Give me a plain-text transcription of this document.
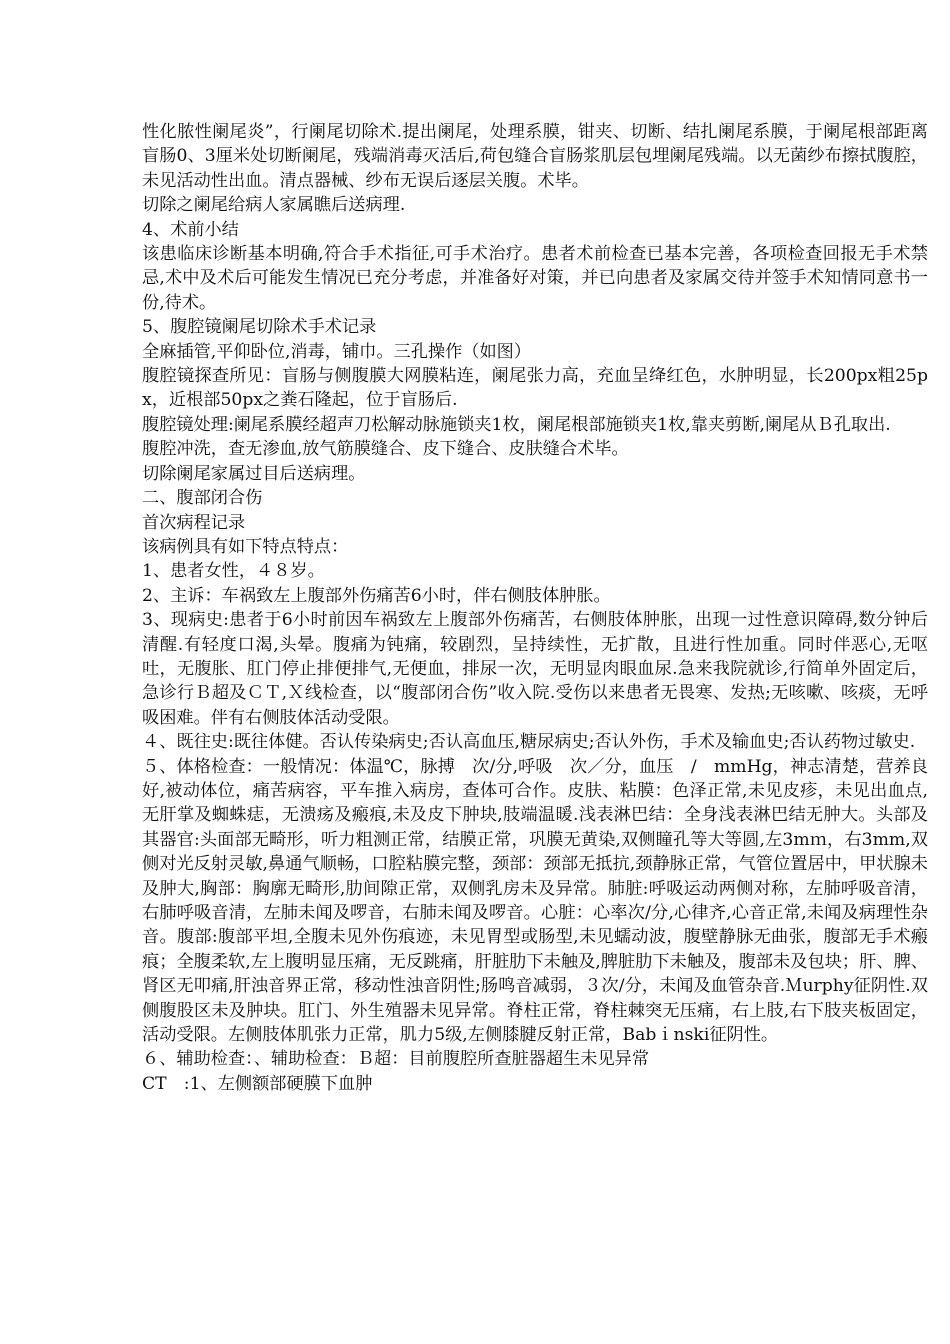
性化脓性阑尾炎”，行阑尾切除术.提出阑尾，处理系膜，钳夹、切断、结扎阑尾系膜，于阑尾根部距离盲肠0、3厘米处切断阑尾，残端消毒灭活后,荷包缝合盲肠浆肌层包埋阑尾残端。以无菌纱布擦拭腹腔，未见活动性出血。清点器械、纱布无误后逐层关腹。术毕。

切除之阑尾给病人家属瞧后送病理.

4、术前小结

该患临床诊断基本明确,符合手术指征,可手术治疗。患者术前检查已基本完善，各项检查回报无手术禁忌,术中及术后可能发生情况已充分考虑，并准备好对策，并已向患者及家属交待并签手术知情同意书一份,待术。

5、腹腔镜阑尾切除术手术记录

全麻插管,平仰卧位,消毒，铺巾。三孔操作（如图）

腹腔镜探查所见：盲肠与侧腹膜大网膜粘连，阑尾张力高，充血呈绛红色，水肿明显，长200px粗25px，近根部50px之粪石隆起，位于盲肠后.

腹腔镜处理:阑尾系膜经超声刀松解动脉施锁夹1枚，阑尾根部施锁夹1枚,靠夹剪断,阑尾从Ｂ孔取出.

腹腔冲洗，查无渗血,放气筋膜缝合、皮下缝合、皮肤缝合术毕。

切除阑尾家属过目后送病理。

二、腹部闭合伤

首次病程记录

该病例具有如下特点特点：

1、患者女性，４８岁。

2、主诉：车祸致左上腹部外伤痛苦6小时，伴右侧肢体肿胀。

3、现病史:患者于6小时前因车祸致左上腹部外伤痛苦，右侧肢体肿胀，出现一过性意识障碍,数分钟后清醒.有轻度口渴,头晕。腹痛为钝痛，较剧烈，呈持续性，无扩散，且进行性加重。同时伴恶心,无呕吐，无腹胀、肛门停止排便排气,无便血，排尿一次，无明显肉眼血尿.急来我院就诊,行简单外固定后，急诊行Ｂ超及ＣＴ,Ｘ线检查，以“腹部闭合伤”收入院.受伤以来患者无畏寒、发热;无咳嗽、咳痰，无呼吸困难。伴有右侧肢体活动受限。

４、既往史:既往体健。否认传染病史;否认高血压,糖尿病史;否认外伤，手术及输血史;否认药物过敏史.

５、体格检查：一般情况：体温℃，脉搏　次/分,呼吸　次／分，血压　/　mmHg，神志清楚，营养良好,被动体位，痛苦病容，平车推入病房，查体可合作。皮肤、粘膜：色泽正常,未见皮疹，未见出血点,无肝掌及蜘蛛痣，无溃疡及瘢痕,未及皮下肿块,肢端温暖.浅表淋巴结：全身浅表淋巴结无肿大。头部及其器官:头面部无畸形，听力粗测正常，结膜正常，巩膜无黄染,双侧瞳孔等大等圆,左3mｍ，右3mm,双侧对光反射灵敏,鼻通气顺畅，口腔粘膜完整，颈部：颈部无抵抗,颈静脉正常，气管位置居中，甲状腺未及肿大,胸部：胸廓无畸形,肋间隙正常，双侧乳房未及异常。肺脏:呼吸运动两侧对称，左肺呼吸音清，右肺呼吸音清，左肺未闻及啰音，右肺未闻及啰音。心脏：心率次/分,心律齐,心音正常,未闻及病理性杂音。腹部:腹部平坦,全腹未见外伤痕迹，未见胃型或肠型,未见蠕动波，腹壁静脉无曲张，腹部无手术瘢痕；全腹柔软,左上腹明显压痛，无反跳痛，肝脏肋下未触及,脾脏肋下未触及，腹部未及包块；肝、脾、肾区无叩痛,肝浊音界正常，移动性浊音阴性;肠鸣音减弱，３次/分，未闻及血管杂音.Ｍurphy征阴性.双侧腹股区未及肿块。肛门、外生殖器未见异常。脊柱正常，脊柱棘突无压痛，右上肢,右下肢夹板固定，活动受限。左侧肢体肌张力正常，肌力5级,左侧膝腱反射正常，Babｉnski征阴性。

６、辅助检查：、辅助检查：Ｂ超：目前腹腔所查脏器超生未见异常

CT　:1、左侧额部硬膜下血肿
